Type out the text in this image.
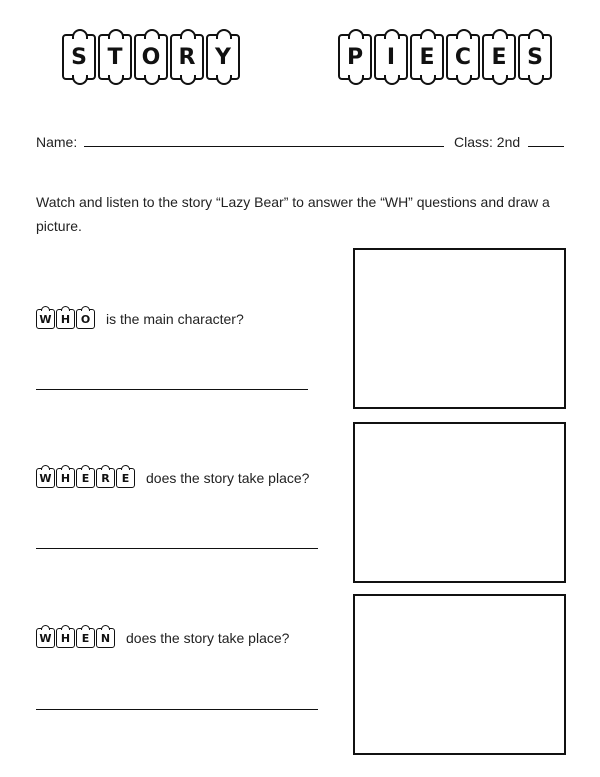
S T O R Y	P I E C E S
Name:	Class: 2nd
Watch and listen to the story “Lazy Bear” to answer the “WH” questions and draw a picture.
W H O is the main character?
W H E R E does the story take place?
W H E N does the story take place?
